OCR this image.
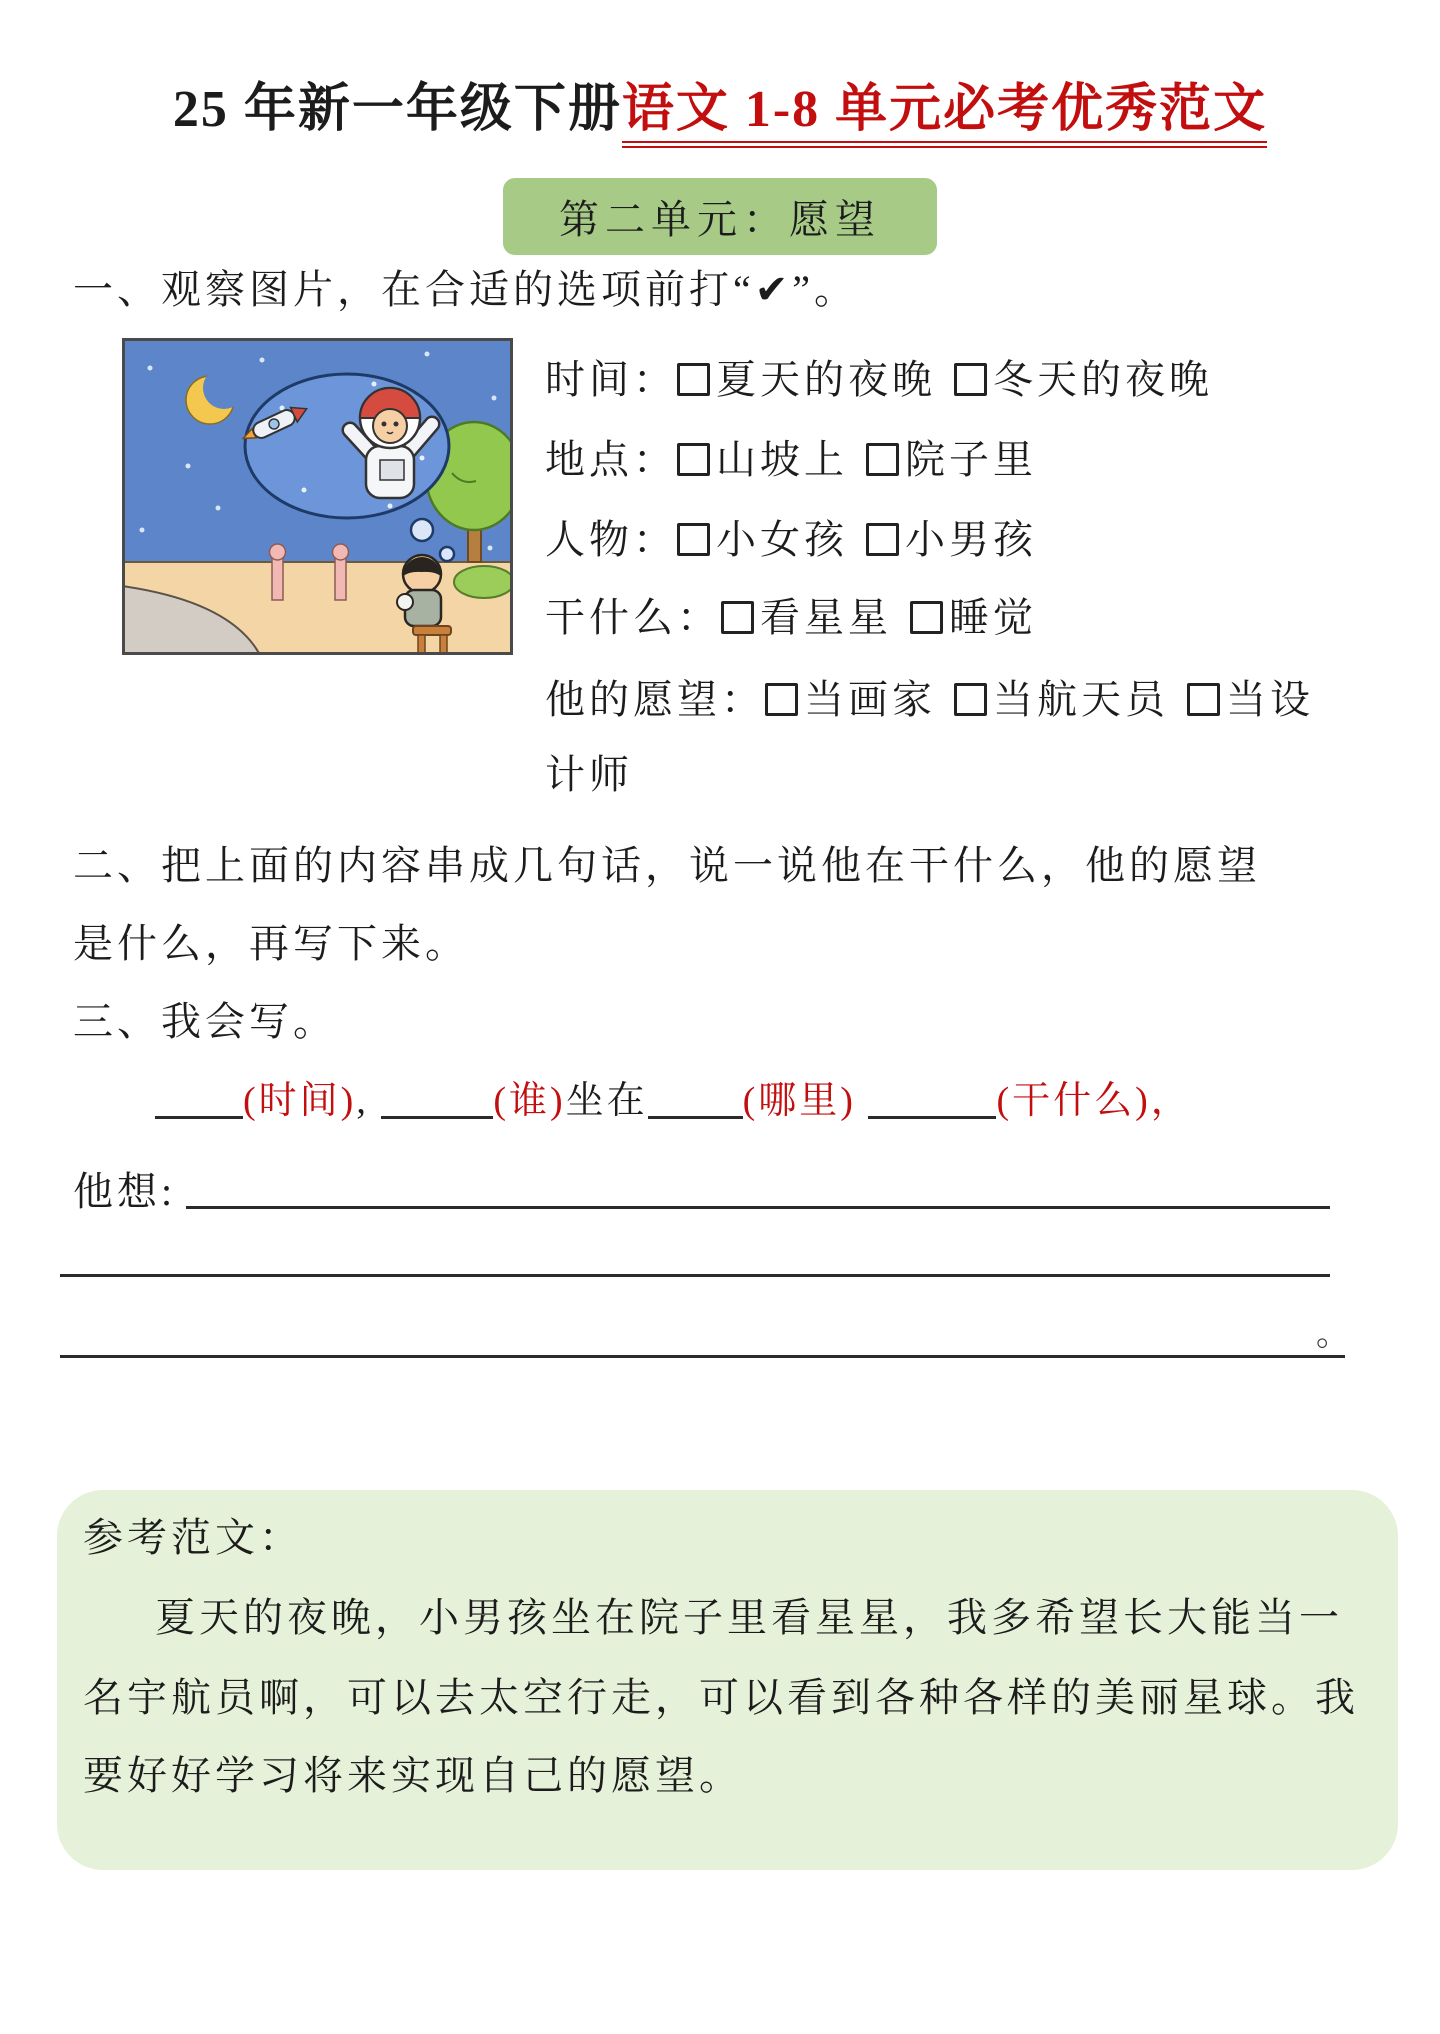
25 年新一年级下册语文 1-8 单元必考优秀范文
第二单元：愿望
一、观察图片，在合适的选项前打“✔”。
时间： 夏天的夜晚 冬天的夜晚
地点： 山坡上 院子里
人物： 小女孩 小男孩
干什么： 看星星 睡觉
他的愿望： 当画家 当航天员 当设
计师
二、把上面的内容串成几句话，说一说他在干什么，他的愿望
是什么，再写下来。
三、我会写。
(时间),	(谁)坐在	(哪里)	(干什么)，
他想:
。
参考范文：
夏天的夜晚，小男孩坐在院子里看星星，我多希望长大能当一
名宇航员啊，可以去太空行走，可以看到各种各样的美丽星球。我
要好好学习将来实现自己的愿望。
